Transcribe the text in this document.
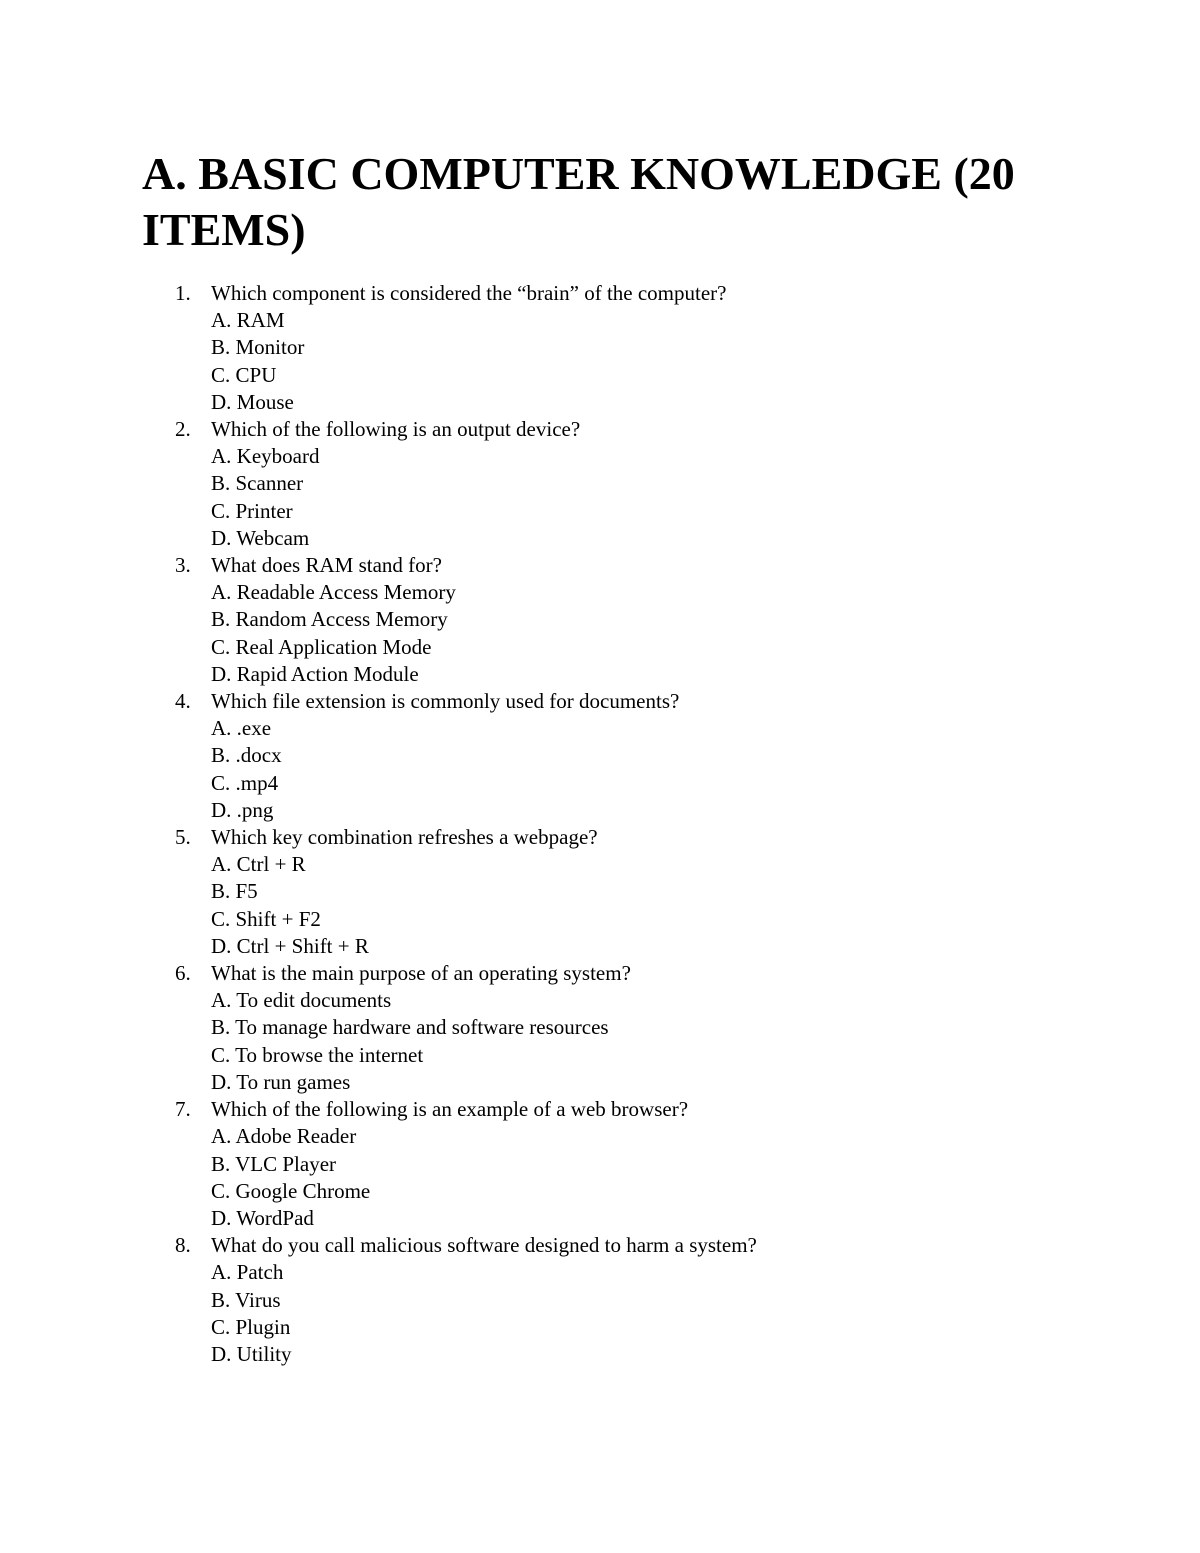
A. BASIC COMPUTER KNOWLEDGE (20 ITEMS)
1. Which component is considered the “brain” of the computer?
A. RAM
B. Monitor
C. CPU
D. Mouse
2. Which of the following is an output device?
A. Keyboard
B. Scanner
C. Printer
D. Webcam
3. What does RAM stand for?
A. Readable Access Memory
B. Random Access Memory
C. Real Application Mode
D. Rapid Action Module
4. Which file extension is commonly used for documents?
A. .exe
B. .docx
C. .mp4
D. .png
5. Which key combination refreshes a webpage?
A. Ctrl + R
B. F5
C. Shift + F2
D. Ctrl + Shift + R
6. What is the main purpose of an operating system?
A. To edit documents
B. To manage hardware and software resources
C. To browse the internet
D. To run games
7. Which of the following is an example of a web browser?
A. Adobe Reader
B. VLC Player
C. Google Chrome
D. WordPad
8. What do you call malicious software designed to harm a system?
A. Patch
B. Virus
C. Plugin
D. Utility
